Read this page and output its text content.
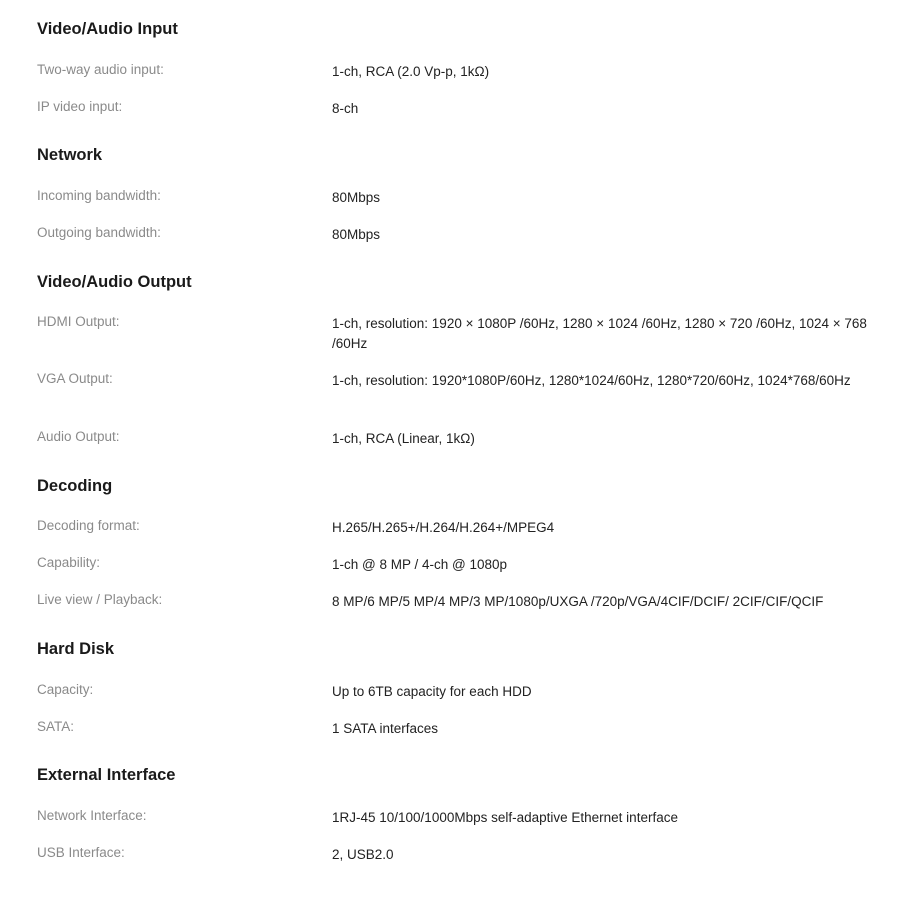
Video/Audio Input
Two-way audio input:	1-ch, RCA (2.0 Vp-p, 1kΩ)
IP video input:	8-ch
Network
Incoming bandwidth:	80Mbps
Outgoing bandwidth:	80Mbps
Video/Audio Output
HDMI Output:	1-ch, resolution: 1920 × 1080P /60Hz, 1280 × 1024 /60Hz, 1280 × 720 /60Hz, 1024 × 768 /60Hz
VGA Output:	1-ch, resolution: 1920*1080P/60Hz, 1280*1024/60Hz, 1280*720/60Hz, 1024*768/60Hz
Audio Output:	1-ch, RCA (Linear, 1kΩ)
Decoding
Decoding format:	H.265/H.265+/H.264/H.264+/MPEG4
Capability:	1-ch @ 8 MP / 4-ch @ 1080p
Live view / Playback:	8 MP/6 MP/5 MP/4 MP/3 MP/1080p/UXGA /720p/VGA/4CIF/DCIF/ 2CIF/CIF/QCIF
Hard Disk
Capacity:	Up to 6TB capacity for each HDD
SATA:	1 SATA interfaces
External Interface
Network Interface:	1RJ-45 10/100/1000Mbps self-adaptive Ethernet interface
USB Interface:	2, USB2.0
